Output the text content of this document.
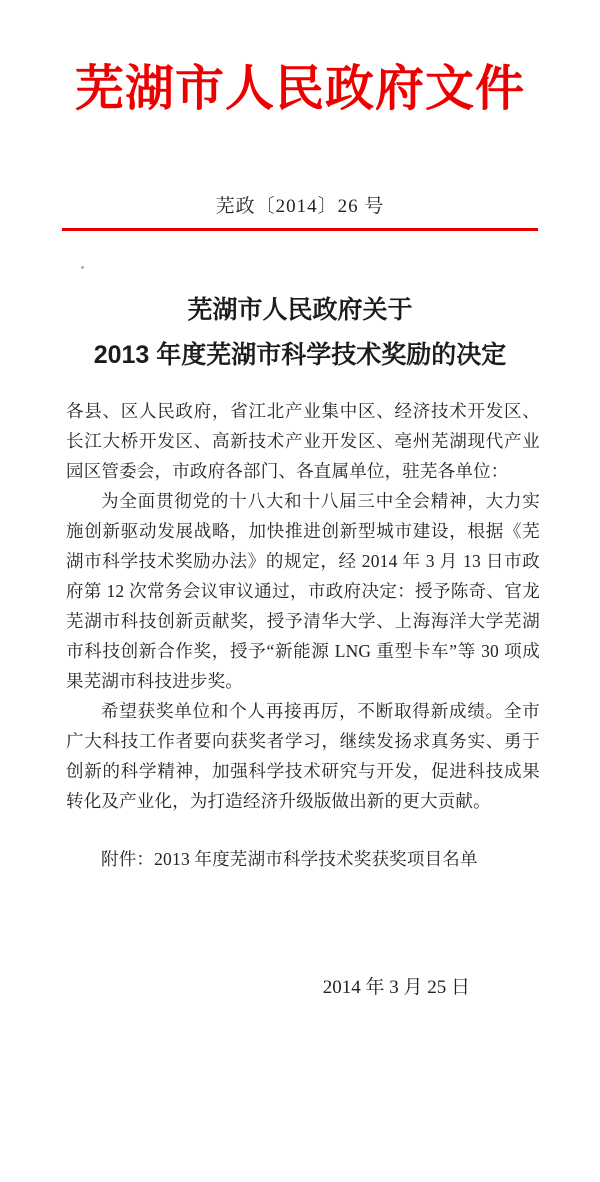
芜湖市人民政府文件
芜政〔2014〕26 号
芜湖市人民政府关于
2013 年度芜湖市科学技术奖励的决定

各县、区人民政府，省江北产业集中区、经济技术开发区、长江大桥开发区、高新技术产业开发区、亳州芜湖现代产业园区管委会，市政府各部门、各直属单位，驻芜各单位：

为全面贯彻党的十八大和十八届三中全会精神，大力实施创新驱动发展战略，加快推进创新型城市建设，根据《芜湖市科学技术奖励办法》的规定，经 2014 年 3 月 13 日市政府第 12 次常务会议审议通过，市政府决定：授予陈奇、官龙芜湖市科技创新贡献奖，授予清华大学、上海海洋大学芜湖市科技创新合作奖，授予“新能源 LNG 重型卡车”等 30 项成果芜湖市科技进步奖。

希望获奖单位和个人再接再厉，不断取得新成绩。全市广大科技工作者要向获奖者学习，继续发扬求真务实、勇于创新的科学精神，加强科学技术研究与开发，促进科技成果转化及产业化，为打造经济升级版做出新的更大贡献。

附件：2013 年度芜湖市科学技术奖获奖项目名单

2014 年 3 月 25 日
